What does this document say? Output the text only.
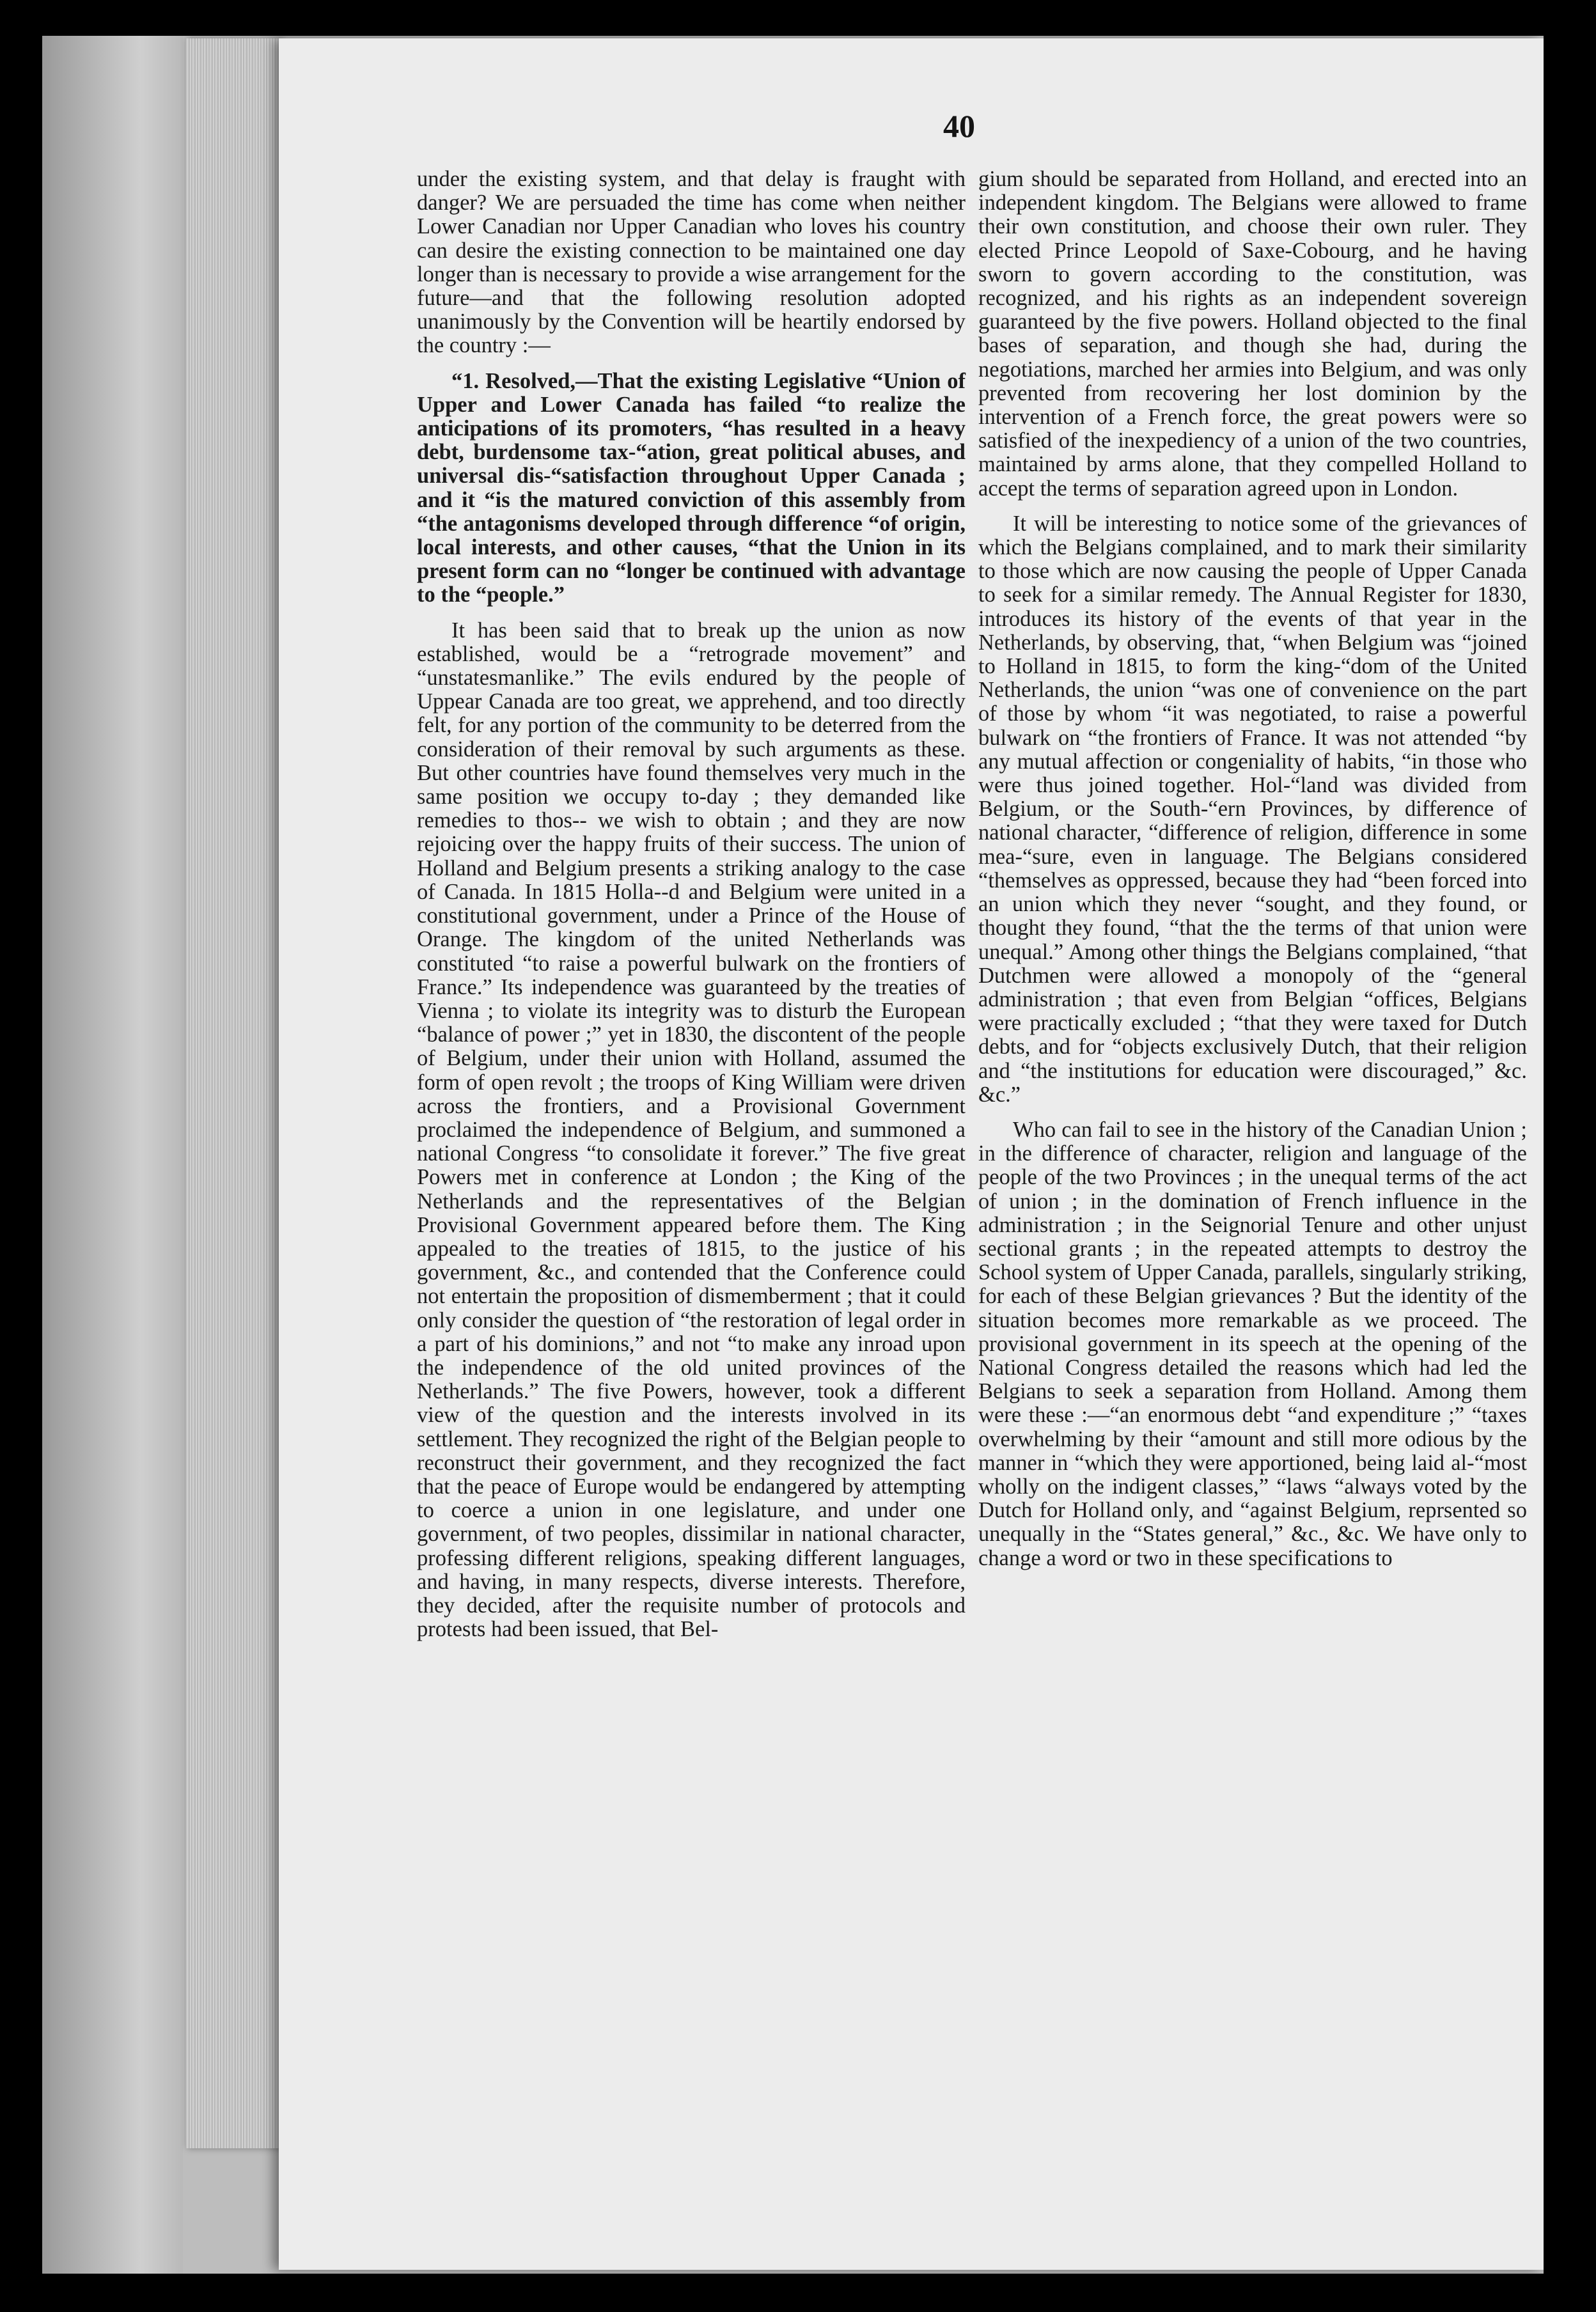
40

under the existing system, and that delay is fraught with danger? We are persuaded the time has come when neither Lower Canadian nor Upper Canadian who loves his country can desire the existing connection to be maintained one day longer than is necessary to provide a wise arrangement for the future—and that the following resolution adopted unanimously by the Convention will be heartily endorsed by the country :—

“1. Resolved,—That the existing Legislative “Union of Upper and Lower Canada has failed “to realize the anticipations of its promoters, “has resulted in a heavy debt, burdensome tax-“ation, great political abuses, and universal dis-“satisfaction throughout Upper Canada ; and it “is the matured conviction of this assembly from “the antagonisms developed through difference “of origin, local interests, and other causes, “that the Union in its present form can no “longer be continued with advantage to the “people.”

It has been said that to break up the union as now established, would be a “retrograde movement” and “unstatesmanlike.” The evils endured by the people of Uppear Canada are too great, we apprehend, and too directly felt, for any portion of the community to be deterred from the consideration of their removal by such arguments as these. But other countries have found themselves very much in the same position we occupy to-day ; they demanded like remedies to thos-- we wish to obtain ; and they are now rejoicing over the happy fruits of their success. The union of Holland and Belgium presents a striking analogy to the case of Canada. In 1815 Holla--d and Belgium were united in a constitutional government, under a Prince of the House of Orange. The kingdom of the united Netherlands was constituted “to raise a powerful bulwark on the frontiers of France.” Its independence was guaranteed by the treaties of Vienna ; to violate its integrity was to disturb the European “balance of power ;” yet in 1830, the discontent of the people of Belgium, under their union with Holland, assumed the form of open revolt ; the troops of King William were driven across the frontiers, and a Provisional Government proclaimed the independence of Belgium, and summoned a national Congress “to consolidate it forever.” The five great Powers met in conference at London ; the King of the Netherlands and the representatives of the Belgian Provisional Government appeared before them. The King appealed to the treaties of 1815, to the justice of his government, &c., and contended that the Conference could not entertain the proposition of dismemberment ; that it could only consider the question of “the restoration of legal order in a part of his dominions,” and not “to make any inroad upon the independence of the old united provinces of the Netherlands.” The five Powers, however, took a different view of the question and the interests involved in its settlement. They recognized the right of the Belgian people to reconstruct their government, and they recognized the fact that the peace of Europe would be endangered by attempting to coerce a union in one legislature, and under one government, of two peoples, dissimilar in national character, professing different religions, speaking different languages, and having, in many respects, diverse interests. Therefore, they decided, after the requisite number of protocols and protests had been issued, that Bel-

gium should be separated from Holland, and erected into an independent kingdom. The Belgians were allowed to frame their own constitution, and choose their own ruler. They elected Prince Leopold of Saxe-Cobourg, and he having sworn to govern according to the constitution, was recognized, and his rights as an independent sovereign guaranteed by the five powers. Holland objected to the final bases of separation, and though she had, during the negotiations, marched her armies into Belgium, and was only prevented from recovering her lost dominion by the intervention of a French force, the great powers were so satisfied of the inexpediency of a union of the two countries, maintained by arms alone, that they compelled Holland to accept the terms of separation agreed upon in London.

It will be interesting to notice some of the grievances of which the Belgians complained, and to mark their similarity to those which are now causing the people of Upper Canada to seek for a similar remedy. The Annual Register for 1830, introduces its history of the events of that year in the Netherlands, by observing, that, “when Belgium was “joined to Holland in 1815, to form the king-“dom of the United Netherlands, the union “was one of convenience on the part of those by whom “it was negotiated, to raise a powerful bulwark on “the frontiers of France. It was not attended “by any mutual affection or congeniality of habits, “in those who were thus joined together. Hol-“land was divided from Belgium, or the South-“ern Provinces, by difference of national character, “difference of religion, difference in some mea-“sure, even in language. The Belgians considered “themselves as oppressed, because they had “been forced into an union which they never “sought, and they found, or thought they found, “that the the terms of that union were unequal.” Among other things the Belgians complained, “that Dutchmen were allowed a monopoly of the “general administration ; that even from Belgian “offices, Belgians were practically excluded ; “that they were taxed for Dutch debts, and for “objects exclusively Dutch, that their religion and “the institutions for education were discouraged,” &c. &c.”

Who can fail to see in the history of the Canadian Union ; in the difference of character, religion and language of the people of the two Provinces ; in the unequal terms of the act of union ; in the domination of French influence in the administration ; in the Seignorial Tenure and other unjust sectional grants ; in the repeated attempts to destroy the School system of Upper Canada, parallels, singularly striking, for each of these Belgian grievances ? But the identity of the situation becomes more remarkable as we proceed. The provisional government in its speech at the opening of the National Congress detailed the reasons which had led the Belgians to seek a separation from Holland. Among them were these :—“an enormous debt “and expenditure ;” “taxes overwhelming by their “amount and still more odious by the manner in “which they were apportioned, being laid al-“most wholly on the indigent classes,” “laws “always voted by the Dutch for Holland only, and “against Belgium, reprsented so unequally in the “States general,” &c., &c. We have only to change a word or two in these specifications to
